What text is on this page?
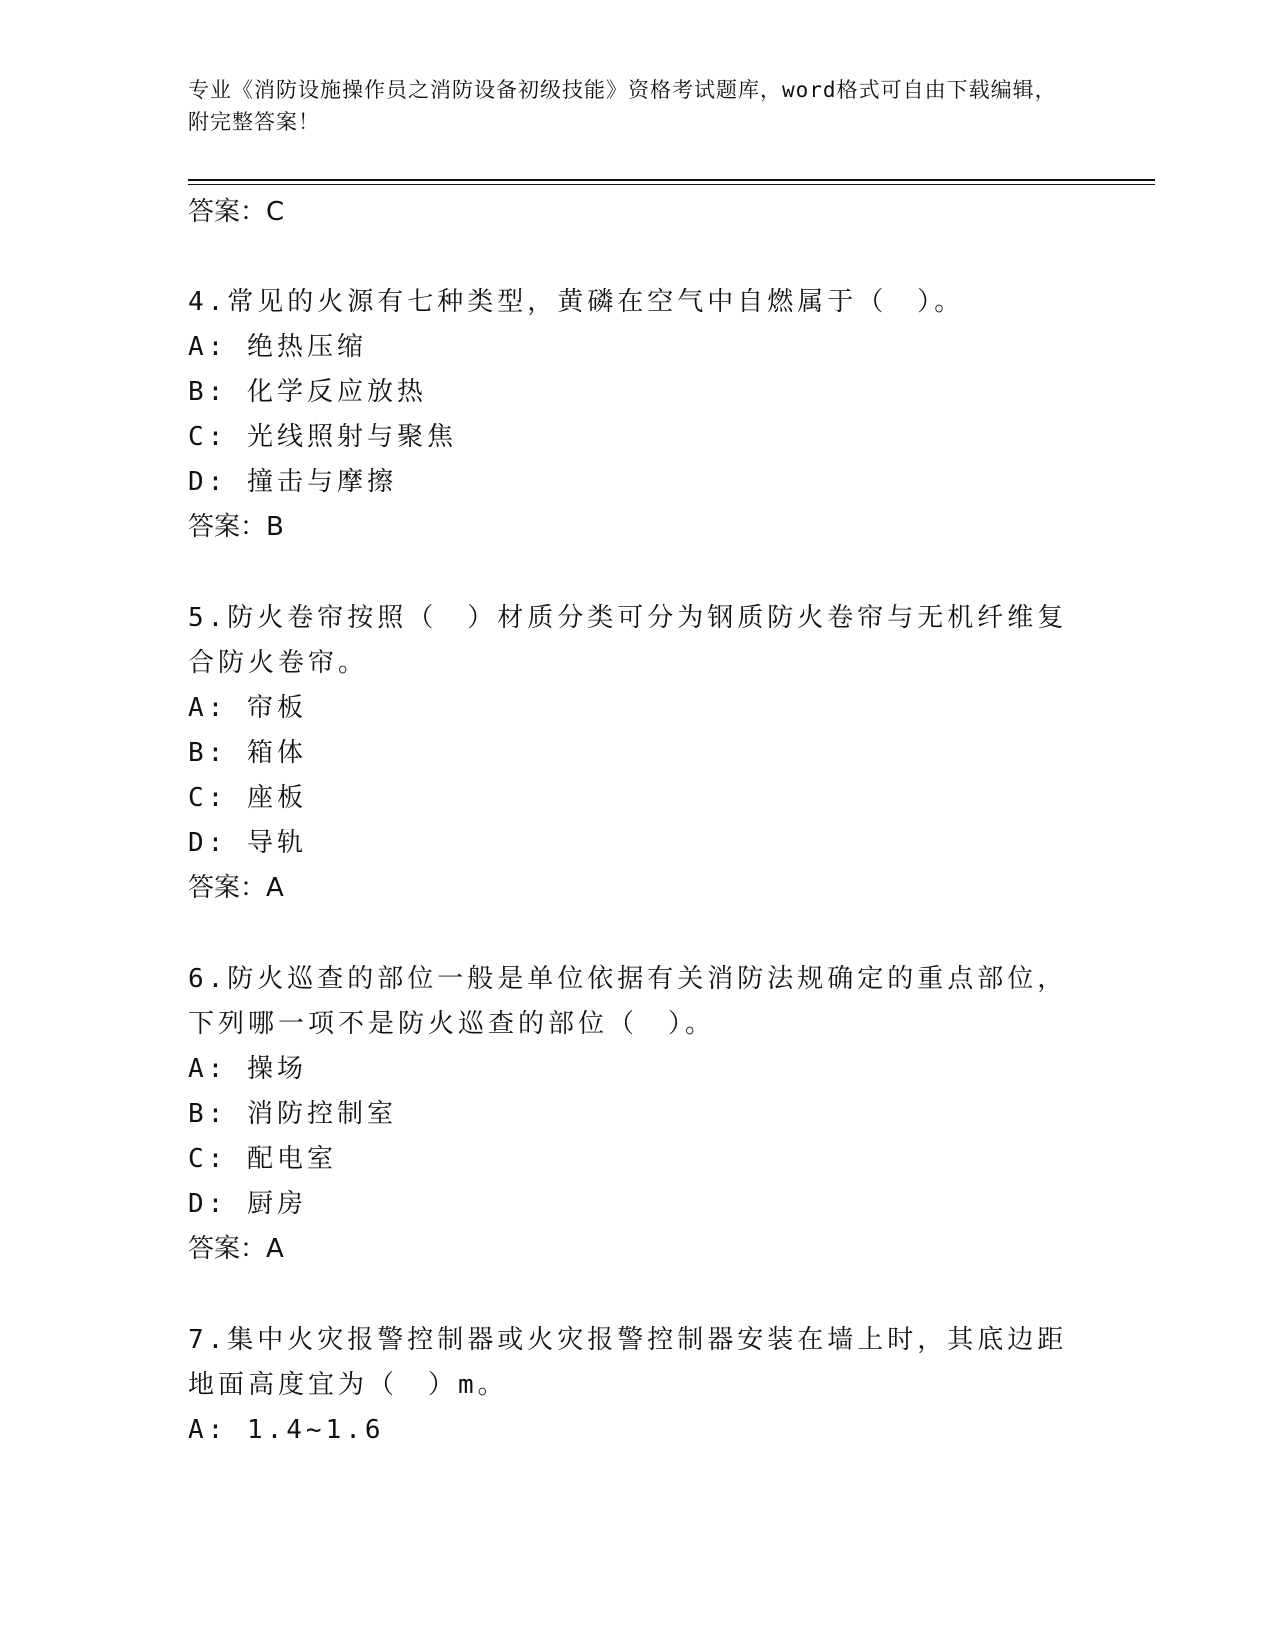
专业《消防设施操作员之消防设备初级技能》资格考试题库，word格式可自由下载编辑，附完整答案！
答案：C
4.常见的火源有七种类型，黄磷在空气中自燃属于（　）。
A: 绝热压缩
B: 化学反应放热
C: 光线照射与聚焦
D: 撞击与摩擦
答案：B
5.防火卷帘按照（　）材质分类可分为钢质防火卷帘与无机纤维复合防火卷帘。
A: 帘板
B: 箱体
C: 座板
D: 导轨
答案：A
6.防火巡查的部位一般是单位依据有关消防法规确定的重点部位，下列哪一项不是防火巡查的部位（　）。
A: 操场
B: 消防控制室
C: 配电室
D: 厨房
答案：A
7.集中火灾报警控制器或火灾报警控制器安装在墙上时，其底边距地面高度宜为（　）m。
A: 1.4~1.6
